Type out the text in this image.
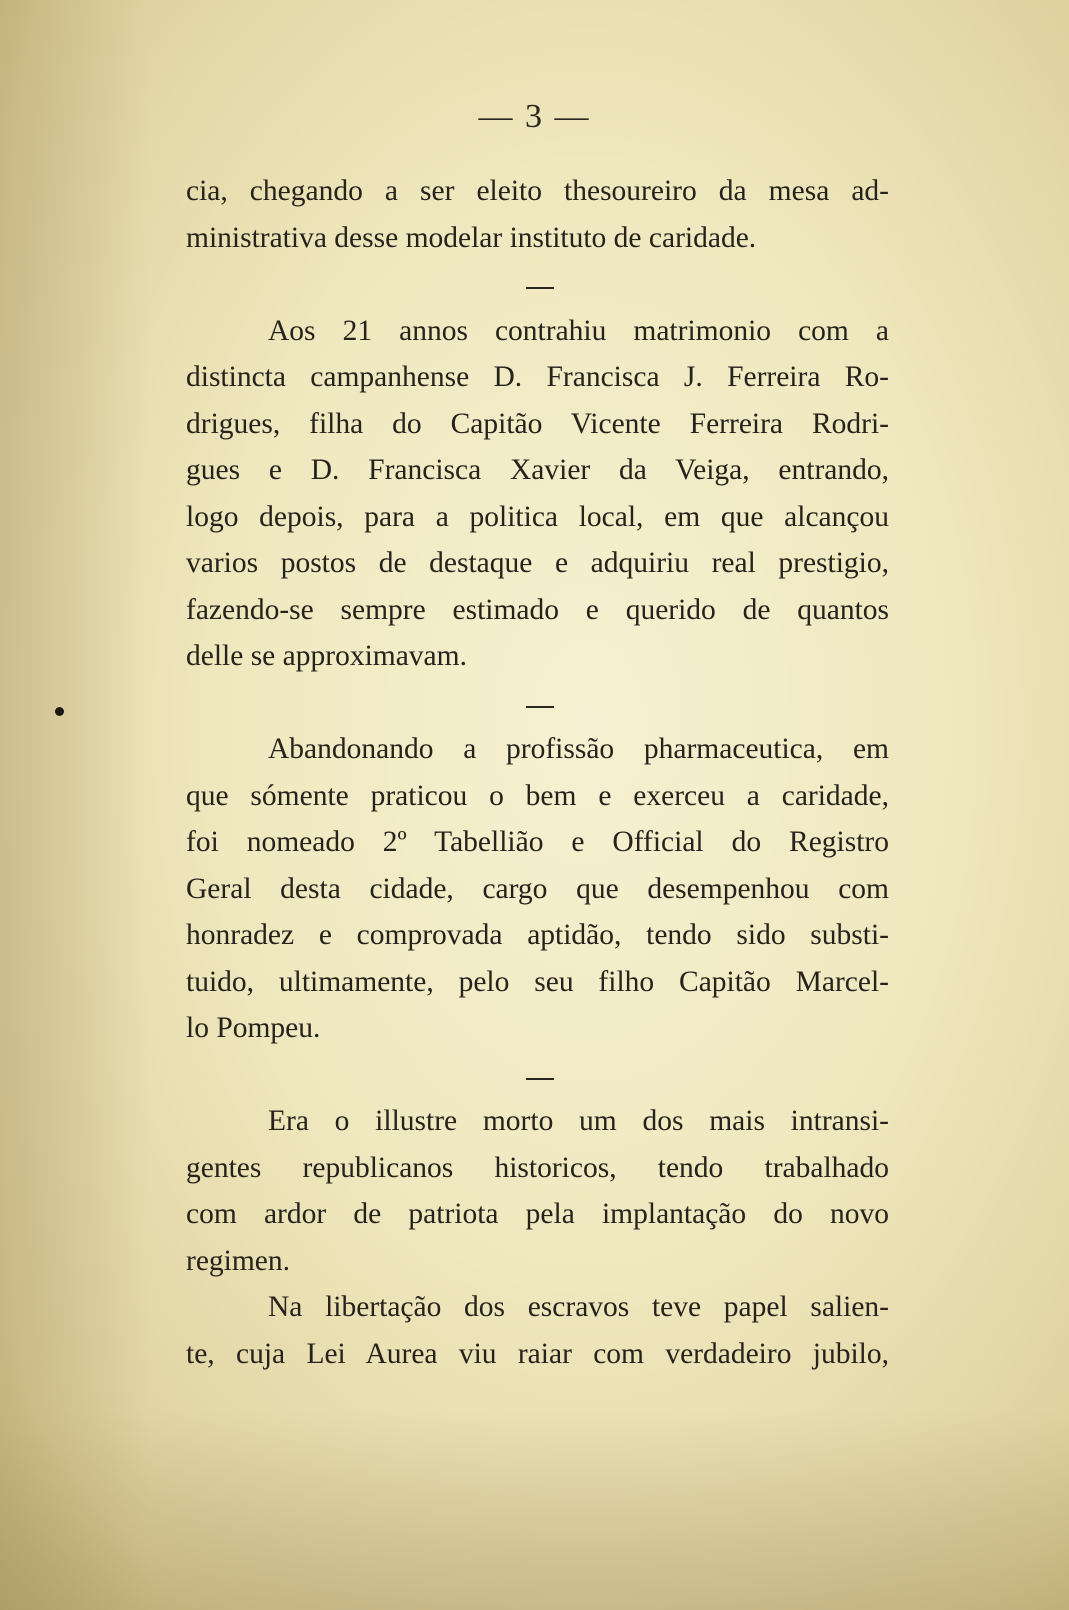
— 3 —
cia, chegando a ser eleito thesoureiro da mesa ad-
ministrativa desse modelar instituto de caridade.
Aos 21 annos contrahiu matrimonio com a
distincta campanhense D. Francisca J. Ferreira Ro-
drigues, filha do Capitão Vicente Ferreira Rodri-
gues e D. Francisca Xavier da Veiga, entrando,
logo depois, para a politica local, em que alcançou
varios postos de destaque e adquiriu real prestigio,
fazendo-se sempre estimado e querido de quantos
delle se approximavam.
Abandonando a profissão pharmaceutica, em
que sómente praticou o bem e exerceu a caridade,
foi nomeado 2º Tabellião e Official do Registro
Geral desta cidade, cargo que desempenhou com
honradez e comprovada aptidão, tendo sido substi-
tuido, ultimamente, pelo seu filho Capitão Marcel-
lo Pompeu.
Era o illustre morto um dos mais intransi-
gentes republicanos historicos, tendo trabalhado
com ardor de patriota pela implantação do novo
regimen.
Na libertação dos escravos teve papel salien-
te, cuja Lei Aurea viu raiar com verdadeiro jubilo,
